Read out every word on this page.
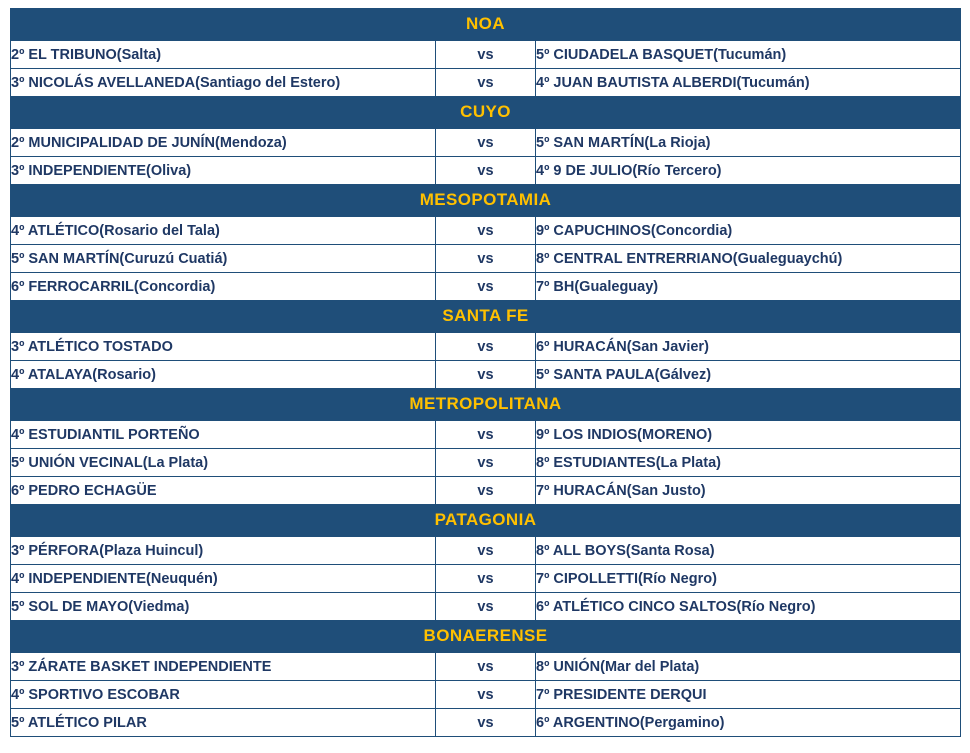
NOA		
2º EL TRIBUNO(Salta)	vs	5º CIUDADELA BASQUET(Tucumán)
3º NICOLÁS AVELLANEDA(Santiago del Estero)	vs	4º JUAN BAUTISTA ALBERDI(Tucumán)
CUYO		
2º MUNICIPALIDAD DE JUNÍN(Mendoza)	vs	5º SAN MARTÍN(La Rioja)
3º INDEPENDIENTE(Oliva)	vs	4º 9 DE JULIO(Río Tercero)
MESOPOTAMIA		
4º ATLÉTICO(Rosario del Tala)	vs	9º CAPUCHINOS(Concordia)
5º SAN MARTÍN(Curuzú Cuatiá)	vs	8º CENTRAL ENTRERRIANO(Gualeguaychú)
6º FERROCARRIL(Concordia)	vs	7º BH(Gualeguay)
SANTA FE		
3º ATLÉTICO TOSTADO	vs	6º HURACÁN(San Javier)
4º ATALAYA(Rosario)	vs	5º SANTA PAULA(Gálvez)
METROPOLITANA		
4º ESTUDIANTIL PORTEÑO	vs	9º LOS INDIOS(MORENO)
5º UNIÓN VECINAL(La Plata)	vs	8º ESTUDIANTES(La Plata)
6º PEDRO ECHAGÜE	vs	7º HURACÁN(San Justo)
PATAGONIA		
3º PÉRFORA(Plaza Huincul)	vs	8º ALL BOYS(Santa Rosa)
4º INDEPENDIENTE(Neuquén)	vs	7º CIPOLLETTI(Río Negro)
5º SOL DE MAYO(Viedma)	vs	6º ATLÉTICO CINCO SALTOS(Río Negro)
BONAERENSE		
3º ZÁRATE BASKET INDEPENDIENTE	vs	8º UNIÓN(Mar del Plata)
4º SPORTIVO ESCOBAR	vs	7º PRESIDENTE DERQUI
5º ATLÉTICO PILAR	vs	6º ARGENTINO(Pergamino)
